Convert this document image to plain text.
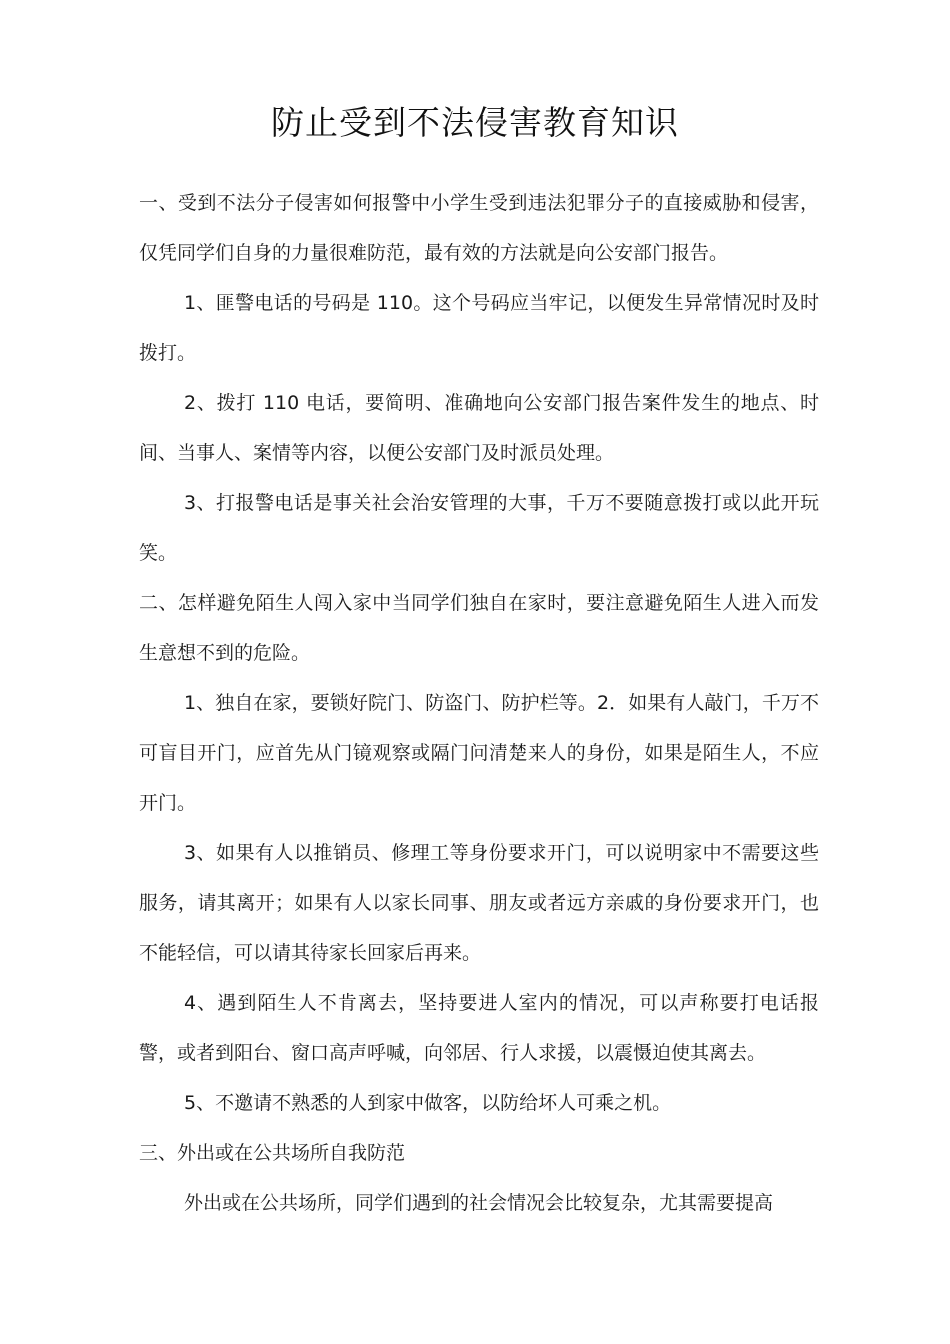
防止受到不法侵害教育知识

一、受到不法分子侵害如何报警中小学生受到违法犯罪分子的直接威胁和侵害，仅凭同学们自身的力量很难防范，最有效的方法就是向公安部门报告。

1、匪警电话的号码是 110。这个号码应当牢记，以便发生异常情况时及时拨打。

2、拨打 110 电话，要简明、准确地向公安部门报告案件发生的地点、时间、当事人、案情等内容，以便公安部门及时派员处理。

3、打报警电话是事关社会治安管理的大事，千万不要随意拨打或以此开玩笑。

二、怎样避免陌生人闯入家中当同学们独自在家时，要注意避免陌生人进入而发生意想不到的危险。

1、独自在家，要锁好院门、防盗门、防护栏等。2．如果有人敲门，千万不可盲目开门，应首先从门镜观察或隔门问清楚来人的身份，如果是陌生人，不应开门。

3、如果有人以推销员、修理工等身份要求开门，可以说明家中不需要这些服务，请其离开；如果有人以家长同事、朋友或者远方亲戚的身份要求开门，也不能轻信，可以请其待家长回家后再来。

4、遇到陌生人不肯离去，坚持要进人室内的情况，可以声称要打电话报警，或者到阳台、窗口高声呼喊，向邻居、行人求援，以震慑迫使其离去。

5、不邀请不熟悉的人到家中做客，以防给坏人可乘之机。

三、外出或在公共场所自我防范

外出或在公共场所，同学们遇到的社会情况会比较复杂，尤其需要提高
